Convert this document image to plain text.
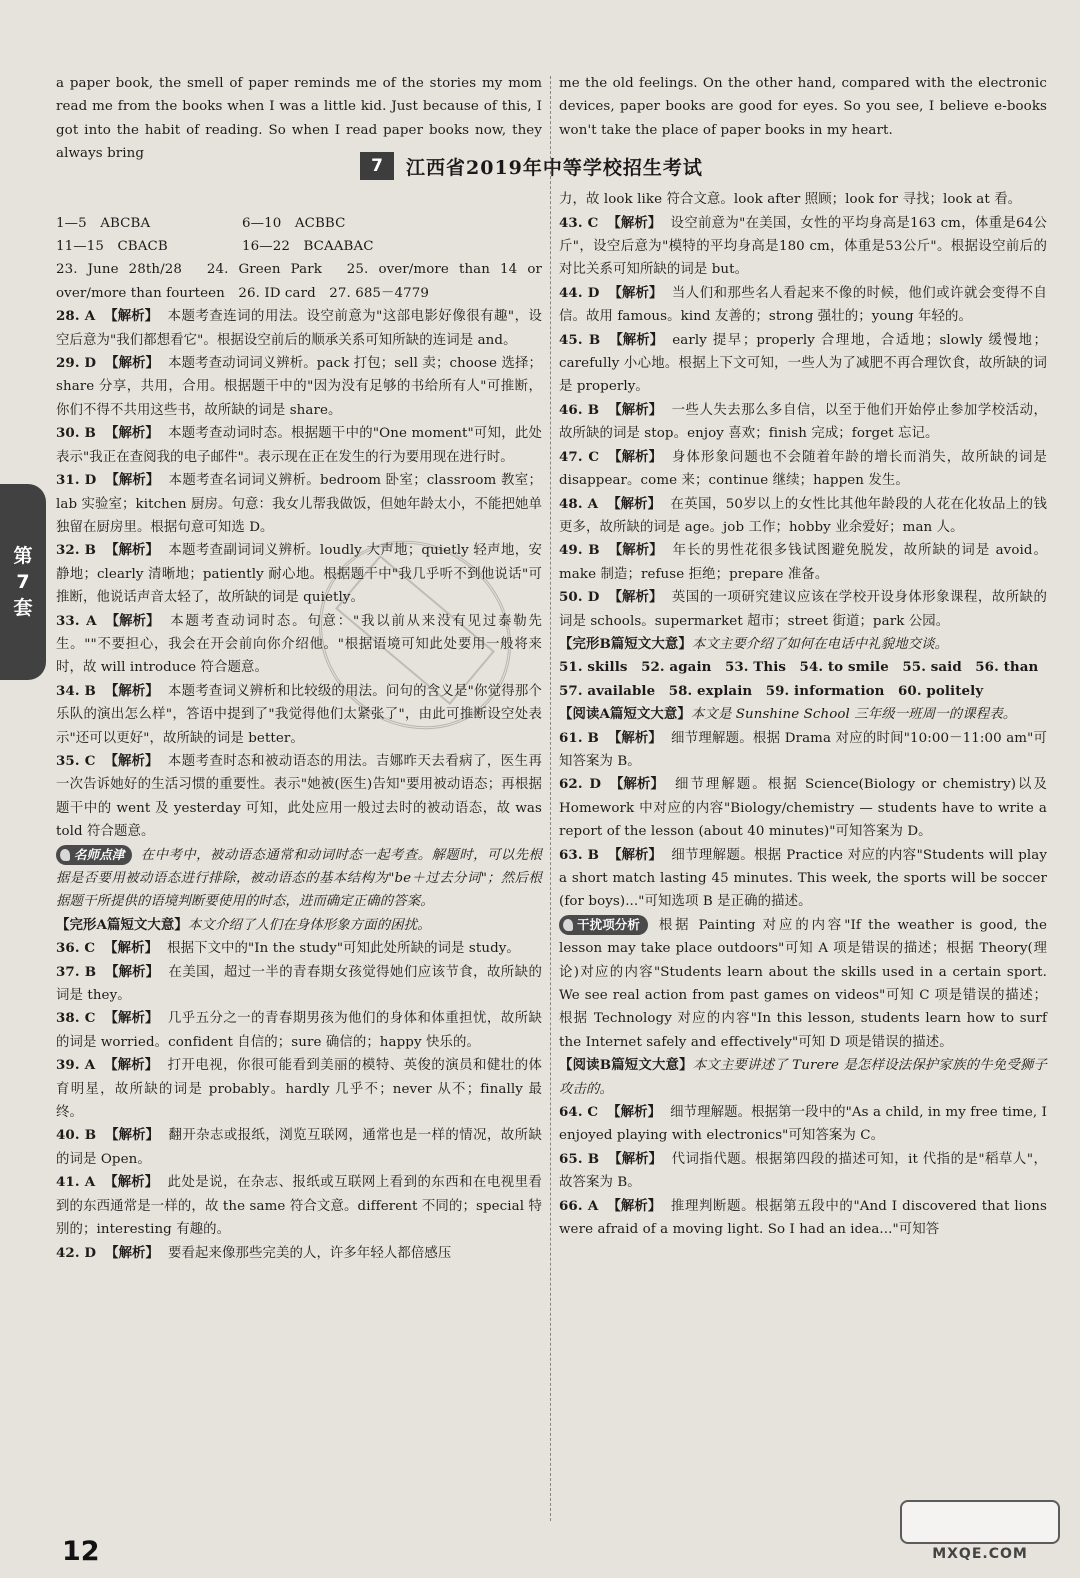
7	江西省2019年中等学校招生考试
第
7
套
a paper book, the smell of paper reminds me of the stories my mom read me from the books when I was a little kid. Just because of this, I got into the habit of reading. So when I read paper books now, they always bring
1—5　ABCBA	6—10　ACBBC
11—15　CBACB	16—22　BCAABAC
23. June 28th/28　24. Green Park　25. over/more than 14 or over/more than fourteen　26. ID card　27. 685－4779
28. A 【解析】 本题考查连词的用法。设空前意为"这部电影好像很有趣"，设空后意为"我们都想看它"。根据设空前后的顺承关系可知所缺的连词是 and。
29. D 【解析】 本题考查动词词义辨析。pack 打包；sell 卖；choose 选择；share 分享，共用，合用。根据题干中的"因为没有足够的书给所有人"可推断，你们不得不共用这些书，故所缺的词是 share。
30. B 【解析】 本题考查动词时态。根据题干中的"One moment"可知，此处表示"我正在查阅我的电子邮件"。表示现在正在发生的行为要用现在进行时。
31. D 【解析】 本题考查名词词义辨析。bedroom 卧室；classroom 教室；lab 实验室；kitchen 厨房。句意：我女儿帮我做饭，但她年龄太小，不能把她单独留在厨房里。根据句意可知选 D。
32. B 【解析】 本题考查副词词义辨析。loudly 大声地；quietly 轻声地，安静地；clearly 清晰地；patiently 耐心地。根据题干中"我几乎听不到他说话"可推断，他说话声音太轻了，故所缺的词是 quietly。
33. A 【解析】 本题考查动词时态。句意："我以前从来没有见过泰勒先生。""不要担心，我会在开会前向你介绍他。"根据语境可知此处要用一般将来时，故 will introduce 符合题意。
34. B 【解析】 本题考查词义辨析和比较级的用法。问句的含义是"你觉得那个乐队的演出怎么样"，答语中提到了"我觉得他们太紧张了"，由此可推断设空处表示"还可以更好"，故所缺的词是 better。
35. C 【解析】 本题考查时态和被动语态的用法。吉娜昨天去看病了，医生再一次告诉她好的生活习惯的重要性。表示"她被(医生)告知"要用被动语态；再根据题干中的 went 及 yesterday 可知，此处应用一般过去时的被动语态，故 was told 符合题意。
名师点津 在中考中，被动语态通常和动词时态一起考查。解题时，可以先根据是否要用被动语态进行排除，被动语态的基本结构为"be＋过去分词"；然后根据题干所提供的语境判断要使用的时态，进而确定正确的答案。
【完形A篇短文大意】本文介绍了人们在身体形象方面的困扰。
36. C 【解析】 根据下文中的"In the study"可知此处所缺的词是 study。
37. B 【解析】 在美国，超过一半的青春期女孩觉得她们应该节食，故所缺的词是 they。
38. C 【解析】 几乎五分之一的青春期男孩为他们的身体和体重担忧，故所缺的词是 worried。confident 自信的；sure 确信的；happy 快乐的。
39. A 【解析】 打开电视，你很可能看到美丽的模特、英俊的演员和健壮的体育明星，故所缺的词是 probably。hardly 几乎不；never 从不；finally 最终。
40. B 【解析】 翻开杂志或报纸，浏览互联网，通常也是一样的情况，故所缺的词是 Open。
41. A 【解析】 此处是说，在杂志、报纸或互联网上看到的东西和在电视里看到的东西通常是一样的，故 the same 符合文意。different 不同的；special 特别的；interesting 有趣的。
42. D 【解析】 要看起来像那些完美的人，许多年轻人都倍感压
me the old feelings. On the other hand, compared with the electronic devices, paper books are good for eyes. So you see, I believe e-books won't take the place of paper books in my heart.
力，故 look like 符合文意。look after 照顾；look for 寻找；look at 看。
43. C 【解析】 设空前意为"在美国，女性的平均身高是163 cm，体重是64公斤"，设空后意为"模特的平均身高是180 cm，体重是53公斤"。根据设空前后的对比关系可知所缺的词是 but。
44. D 【解析】 当人们和那些名人看起来不像的时候，他们或许就会变得不自信。故用 famous。kind 友善的；strong 强壮的；young 年轻的。
45. B 【解析】 early 提早；properly 合理地，合适地；slowly 缓慢地；carefully 小心地。根据上下文可知，一些人为了减肥不再合理饮食，故所缺的词是 properly。
46. B 【解析】 一些人失去那么多自信，以至于他们开始停止参加学校活动，故所缺的词是 stop。enjoy 喜欢；finish 完成；forget 忘记。
47. C 【解析】 身体形象问题也不会随着年龄的增长而消失，故所缺的词是 disappear。come 来；continue 继续；happen 发生。
48. A 【解析】 在英国，50岁以上的女性比其他年龄段的人花在化妆品上的钱更多，故所缺的词是 age。job 工作；hobby 业余爱好；man 人。
49. B 【解析】 年长的男性花很多钱试图避免脱发，故所缺的词是 avoid。make 制造；refuse 拒绝；prepare 准备。
50. D 【解析】 英国的一项研究建议应该在学校开设身体形象课程，故所缺的词是 schools。supermarket 超市；street 街道；park 公园。
【完形B篇短文大意】本文主要介绍了如何在电话中礼貌地交谈。
51. skills　52. again　53. This　54. to smile　55. said　56. than
57. available　58. explain　59. information　60. politely
【阅读A篇短文大意】本文是 Sunshine School 三年级一班周一的课程表。
61. B 【解析】 细节理解题。根据 Drama 对应的时间"10:00－11:00 am"可知答案为 B。
62. D 【解析】 细节理解题。根据 Science(Biology or chemistry)以及 Homework 中对应的内容"Biology/chemistry — students have to write a report of the lesson (about 40 minutes)"可知答案为 D。
63. B 【解析】 细节理解题。根据 Practice 对应的内容"Students will play a short match lasting 45 minutes. This week, the sports will be soccer (for boys)..."可知选项 B 是正确的描述。
干扰项分析 根据 Painting 对应的内容"If the weather is good, the lesson may take place outdoors"可知 A 项是错误的描述；根据 Theory(理论)对应的内容"Students learn about the skills used in a certain sport. We see real action from past games on videos"可知 C 项是错误的描述；根据 Technology 对应的内容"In this lesson, students learn how to surf the Internet safely and effectively"可知 D 项是错误的描述。
【阅读B篇短文大意】本文主要讲述了 Turere 是怎样设法保护家族的牛免受狮子攻击的。
64. C 【解析】 细节理解题。根据第一段中的"As a child, in my free time, I enjoyed playing with electronics"可知答案为 C。
65. B 【解析】 代词指代题。根据第四段的描述可知，it 代指的是"稻草人"，故答案为 B。
66. A 【解析】 推理判断题。根据第五段中的"And I discovered that lions were afraid of a moving light. So I had an idea..."可知答
12	MXQE.COM
